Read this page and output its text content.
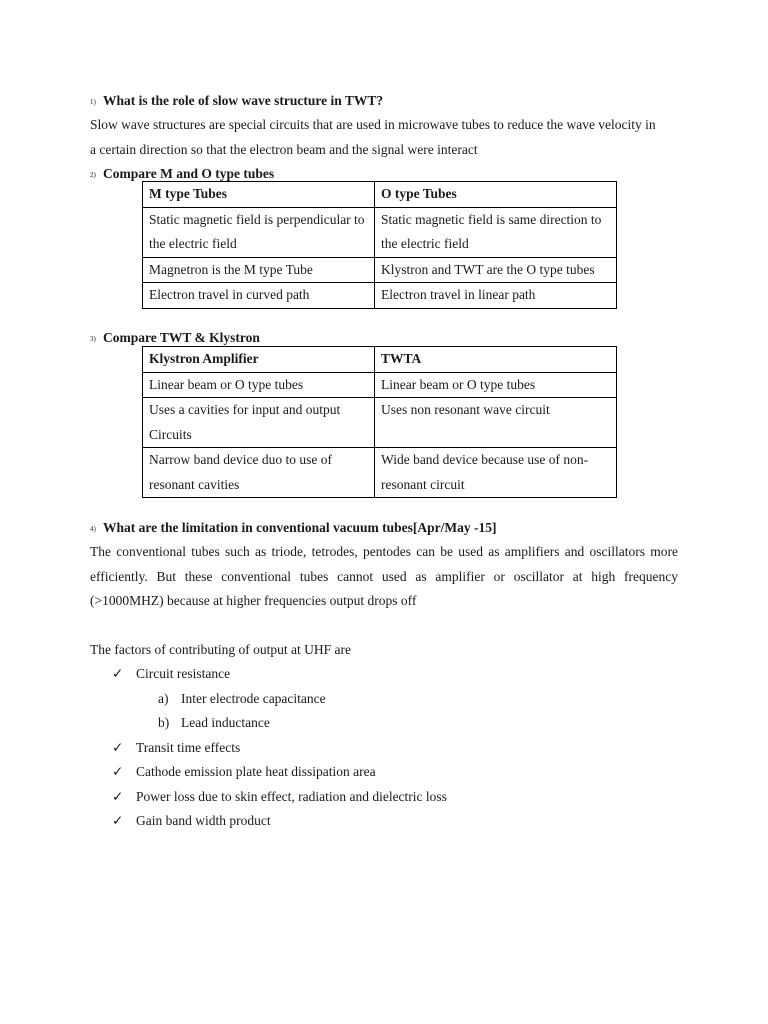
1) What is the role of slow wave structure in TWT?
Slow wave structures are special circuits that are used in microwave tubes to reduce the wave velocity in
a certain direction so that the electron beam and the signal were interact
2) Compare M and O type tubes
M type Tubes	O type Tubes
Static magnetic field is perpendicular to the electric field	Static magnetic field is same direction to the electric field
Magnetron is the M type Tube	Klystron and TWT are the O type tubes
Electron travel in curved path	Electron travel in linear path
3) Compare TWT & Klystron
Klystron Amplifier	TWTA
Linear beam or O type tubes	Linear beam or O type tubes
Uses a cavities for input and output Circuits	Uses non resonant wave circuit
Narrow band device duo to use of resonant cavities	Wide band device because use of non-resonant circuit
4) What are the limitation in conventional vacuum tubes[Apr/May -15]
The conventional tubes such as triode, tetrodes, pentodes can be used as amplifiers and oscillators more efficiently. But these conventional tubes cannot used as amplifier or oscillator at high frequency (>1000MHZ) because at higher frequencies output drops off
The factors of contributing of output at UHF are
✓ Circuit resistance
a) Inter electrode capacitance
b) Lead inductance
✓ Transit time effects
✓ Cathode emission plate heat dissipation area
✓ Power loss due to skin effect, radiation and dielectric loss
✓ Gain band width product
